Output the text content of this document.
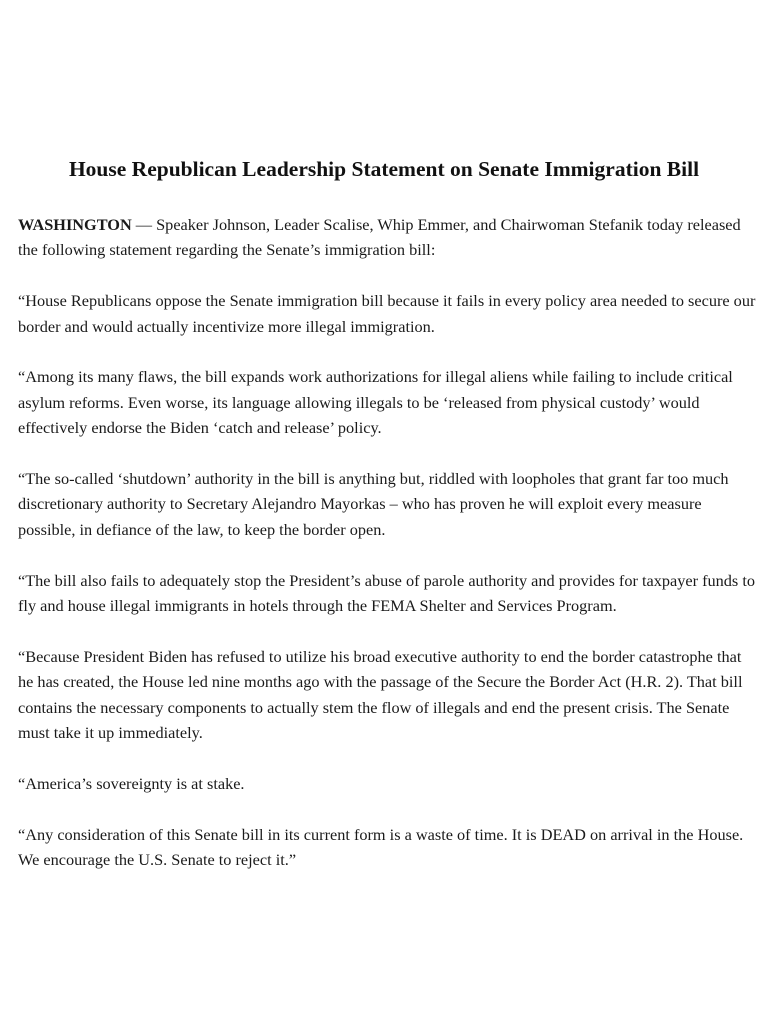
House Republican Leadership Statement on Senate Immigration Bill

WASHINGTON — Speaker Johnson, Leader Scalise, Whip Emmer, and Chairwoman Stefanik today released the following statement regarding the Senate’s immigration bill:

“House Republicans oppose the Senate immigration bill because it fails in every policy area needed to secure our border and would actually incentivize more illegal immigration.

“Among its many flaws, the bill expands work authorizations for illegal aliens while failing to include critical asylum reforms. Even worse, its language allowing illegals to be ‘released from physical custody’ would effectively endorse the Biden ‘catch and release’ policy.

“The so-called ‘shutdown’ authority in the bill is anything but, riddled with loopholes that grant far too much discretionary authority to Secretary Alejandro Mayorkas – who has proven he will exploit every measure possible, in defiance of the law, to keep the border open.

“The bill also fails to adequately stop the President’s abuse of parole authority and provides for taxpayer funds to fly and house illegal immigrants in hotels through the FEMA Shelter and Services Program.

“Because President Biden has refused to utilize his broad executive authority to end the border catastrophe that he has created, the House led nine months ago with the passage of the Secure the Border Act (H.R. 2). That bill contains the necessary components to actually stem the flow of illegals and end the present crisis. The Senate must take it up immediately.

“America’s sovereignty is at stake.

“Any consideration of this Senate bill in its current form is a waste of time. It is DEAD on arrival in the House. We encourage the U.S. Senate to reject it.”
